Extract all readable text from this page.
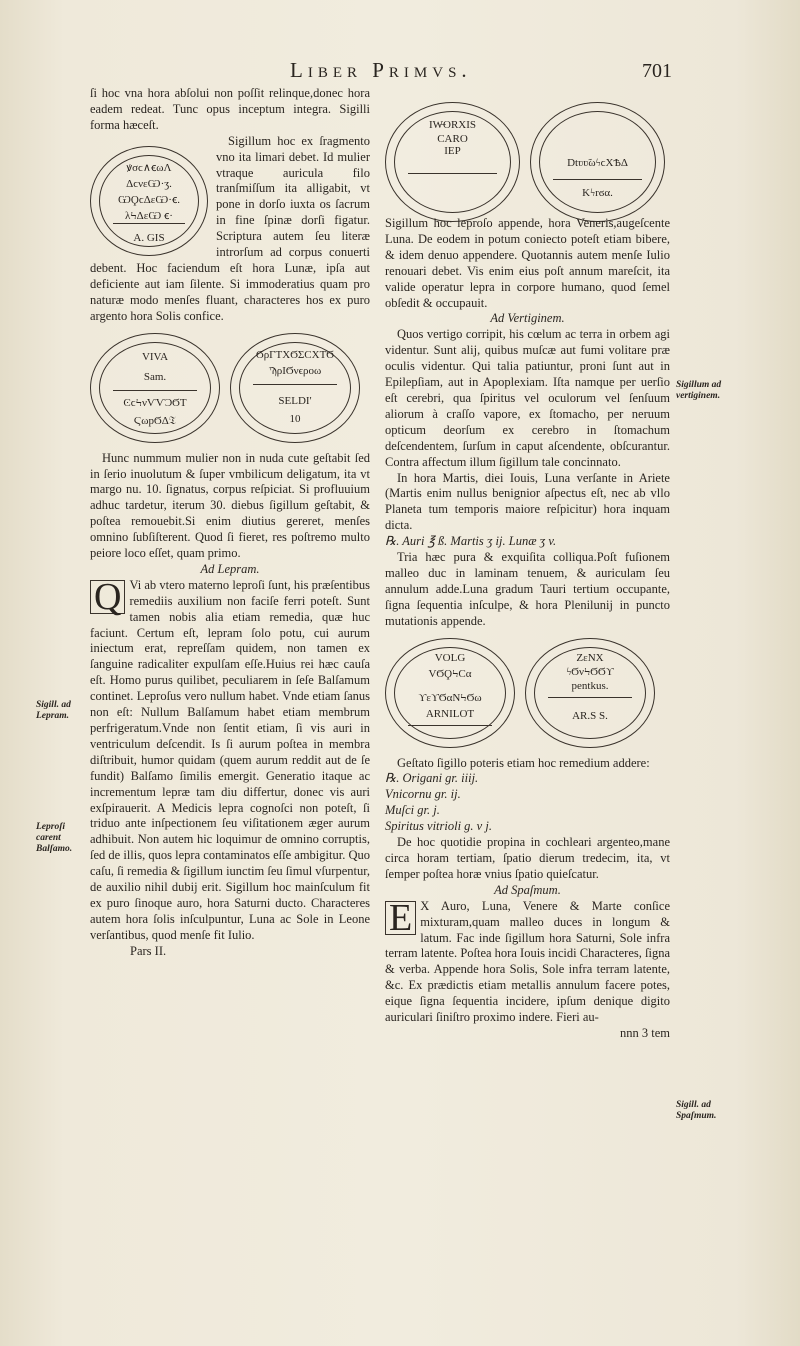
Liber Primvs.	701

ſi hoc vna hora abſolui non poſſit relinque,donec hora eadem redeat. Tunc opus inceptum integra. Sigilli forma hæceſt.

ꝟσϲ∧ꞓωΛ
ΔϲνεѠ·ʒ.
ѠϘϲΔεѠ·ꞓ.
λϞΔεѠ ꞓ·
A. GIS

Sigillum hoc ex ſragmento vno ita limari debet. Id mulier vtraque auricula filo tranſmiſſum ita alligabit, vt pone in dorſo iuxta os ſacrum in fine ſpinæ dorſi figatur. Scriptura autem ſeu literæ introrſum ad corpus conuerti debent. Hoc faciendum eſt hora Lunæ, ipſa aut deficiente aut iam ſilente. Si immoderatius quam pro naturæ modo menſes fluant, characteres hos ex puro argento hora Solis confice.

VIVA
Sam.
ϾϲϞνѴѴϽϬΤ
ϚωpϬΔ𝔗
ϬρΓΤΧϬΣϹΧΤϬ
ϠρΙϬνϵροω
SELDI'
10

Hunc nummum mulier non in nuda cute geſtabit ſed in ſerio inuolutum & ſuper vmbilicum deligatum, ita vt margo nu. 10. ſignatus, corpus reſpiciat. Si profluuium adhuc tardetur, iterum 30. diebus ſigillum geſtabit, & poſtea remouebit.Si enim diutius gereret, menſes omnino ſubſiſterent. Quod ſi fieret, res poſtremo multo peiore loco eſſet, quam primo.

Ad Lepram.

Q Vi ab vtero materno leproſi ſunt, his præſentibus remediis auxilium non faciſe ferri poteſt. Sunt tamen nobis alia etiam remedia, quæ huc faciunt. Certum eſt, lepram ſolo potu, cui aurum iniectum erat, repreſſam quidem, non tamen ex ſanguine radicaliter expulſam eſſe.Huius rei hæc cauſa eſt. Homo purus quilibet, peculiarem in ſeſe Balſamum continet. Leproſus vero nullum habet. Vnde etiam ſanus non eſt: Nullum Balſamum habet etiam membrum perfrigeratum.Vnde non ſentit etiam, ſi vis auri in ventriculum deſcendit. Is ſi aurum poſtea in membra diſtribuit, humor quidam (quem aurum reddit aut de ſe fundit) Balſamo ſimilis emergit. Generatio itaque ac incrementum lepræ tam diu differtur, donec vis auri exſpirauerit. A Medicis lepra cognoſci non poteſt, ſi triduo ante inſpectionem ſeu viſitationem æger aurum adhibuit. Non autem hic loquimur de omnino corruptis, ſed de illis, quos lepra contaminatos eſſe ambigitur. Quo caſu, ſi remedia & ſigillum iunctim ſeu ſimul vſurpentur, de auxilio nihil dubij erit. Sigillum hoc mainſculum fit ex puro ſinoque auro, hora Saturni ducto. Characteres autem hora ſolis inſculpuntur, Luna ac Sole in Leone verſantibus, quod menſe fit Iulio.

Pars II.

IW̶ORXIS
CARO
IEP
Dtʋʋ̃ωϟϲΧѢΔ
Kϟrϭα.

Sigillum hoc leproſo appende, hora Veneris,augeſcente Luna. De eodem in potum coniecto poteſt etiam bibere, & idem denuo appendere. Quotannis autem menſe Iulio renouari debet. Vis enim eius poſt annum mareſcit, ita valide operatur lepra in corpore humano, quod ſemel obſedit & occupauit.

Ad Vertiginem.

Quos vertigo corripit, his cœlum ac terra in orbem agi videntur. Sunt alij, quibus muſcæ aut fumi volitare præ oculis videntur. Qui talia patiuntur, proni ſunt aut in Epilepſiam, aut in Apoplexiam. Iſta namque per uerſio eſt cerebri, qua ſpiritus vel oculorum vel ſenſuum aliorum à craſſo vapore, ex ſtomacho, per neruum opticum deorſum ex cerebro in ſtomachum deſcendentem, ſurſum in caput aſcendente, obſcurantur. Contra affectum illum ſigillum tale concinnato.

In hora Martis, diei Iouis, Luna verſante in Ariete (Martis enim nullus benignior aſpectus eſt, nec ab vllo Planeta tum temporis maiore reſpicitur) hora inquam dicta.

℞. Auri ℥ ß. Martis ʒ ij. Lunæ ʒ v.

Tria hæc pura & exquiſita colliqua.Poſt fuſionem malleo duc in laminam tenuem, & auriculam ſeu annulum adde.Luna gradum Tauri tertium occupante, ſigna ſequentia inſculpe, & hora Plenilunij in puncto mutationis appende.

VOLG
VϬϘϞϹα
ϒεϒϬαΝϞϬω
ARNILOT
ZεΝΧ
ϟϬνϞϬϬϒ
pentkus.
AR.S S.

Geſtato ſigillo poteris etiam hoc remedium addere:

℞. Origani gr. iiij.

Vnicornu gr. ij.

Muſci gr. j.

Spiritus vitrioli g. v j.

De hoc quotidie propina in cochleari argenteo,mane circa horam tertiam, ſpatio dierum tredecim, ita, vt ſemper poſtea horæ vnius ſpatio quieſcatur.

Ad Spaſmum.

E X Auro, Luna, Venere & Marte conſice mixturam,quam malleo duces in longum & latum. Fac inde ſigillum hora Saturni, Sole infra terram latente. Poſtea hora Iouis incidi Characteres, ſigna & verba. Appende hora Solis, Sole infra terram latente, &c. Ex prædictis etiam metallis annulum facere potes, eique ſigna ſequentia incidere, ipſum denique digito auriculari ſiniſtro proximo indere. Fieri au-

nnn 3 tem

Sigill. ad Lepram.
Leproſi carent Balſamo.
Sigillum ad vertiginem.
Sigill. ad Spaſmum.
